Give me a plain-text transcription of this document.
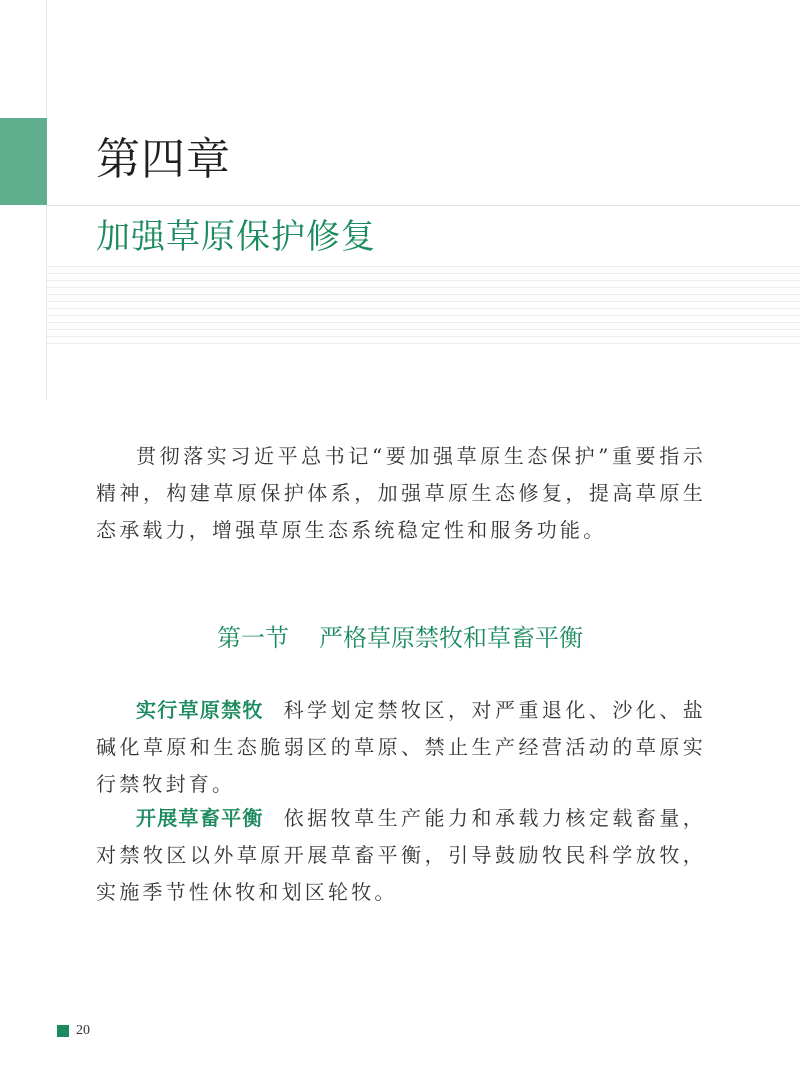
第四章
加强草原保护修复

贯彻落实习近平总书记“要加强草原生态保护”重要指示精神，构建草原保护体系，加强草原生态修复，提高草原生态承载力，增强草原生态系统稳定性和服务功能。

第一节 严格草原禁牧和草畜平衡

实行草原禁牧 科学划定禁牧区，对严重退化、沙化、盐碱化草原和生态脆弱区的草原、禁止生产经营活动的草原实行禁牧封育。

开展草畜平衡 依据牧草生产能力和承载力核定载畜量，对禁牧区以外草原开展草畜平衡，引导鼓励牧民科学放牧，实施季节性休牧和划区轮牧。

20
